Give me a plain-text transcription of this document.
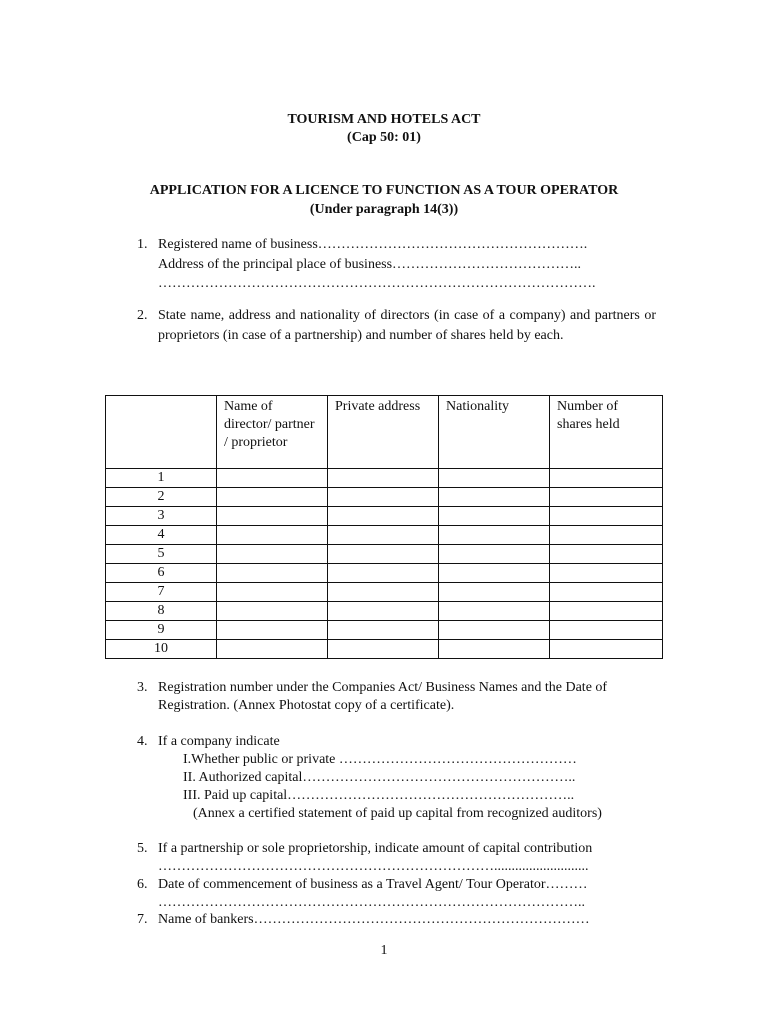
TOURISM AND HOTELS ACT
(Cap 50: 01)
APPLICATION FOR A LICENCE TO FUNCTION AS A TOUR OPERATOR
(Under paragraph 14(3))
1. Registered name of business………………………………………………….
Address of the principal place of business…………………………………..
………………………………………………………………………………….
2. State name, address and nationality of directors (in case of a company) and partners or proprietors (in case of a partnership) and number of shares held by each.

	Name of director/ partner / proprietor	Private address	Nationality	Number of shares held

1				
2				
3				
4				
5				
6				
7				
8				
9				
10				
3. Registration number under the Companies Act/ Business Names and the Date of
Registration. (Annex Photostat copy of a certificate).
4. If a company indicate
I.Whether public or private ……………………………………………
II. Authorized capital…………………………………………………..
III. Paid up capital……………………………………………………..
(Annex a certified statement of paid up capital from recognized auditors)
5. If a partnership or sole proprietorship, indicate amount of capital contribution
………………………………………………………………...........................
6. Date of commencement of business as a Travel Agent/ Tour Operator………
………………………………………………………………………………..
7. Name of bankers………………………………………………………………
1
